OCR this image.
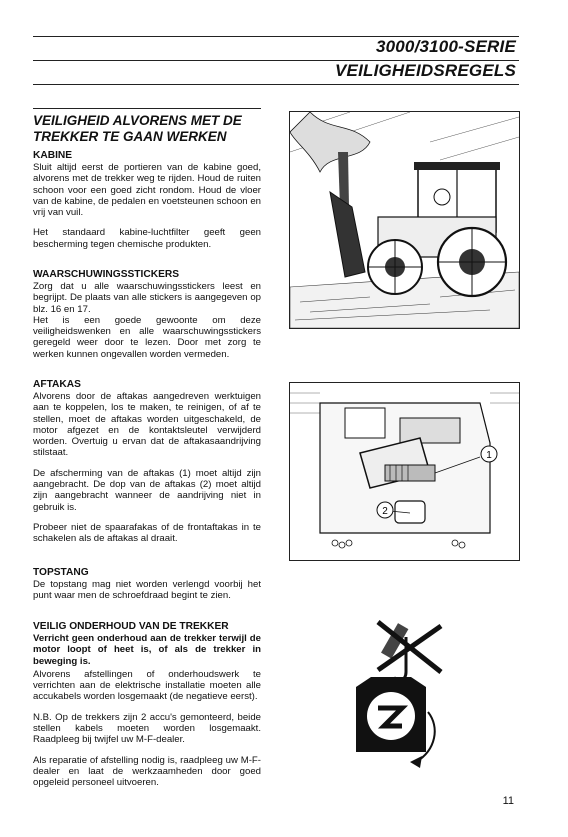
3000/3100-SERIE
VEILIGHEIDSREGELS
VEILIGHEID ALVORENS MET DE
TREKKER TE GAAN WERKEN

KABINE

Sluit altijd eerst de portieren van de kabine goed, alvorens met de trekker weg te rijden. Houd de ruiten schoon voor een goed zicht rondom. Houd de vloer van de kabine, de pedalen en voetsteunen schoon en vrij van vuil.

Het standaard kabine-luchtfilter geeft geen bescherming tegen chemische produkten.

WAARSCHUWINGSSTICKERS

Zorg dat u alle waarschuwingsstickers leest en begrijpt. De plaats van alle stickers is aangegeven op blz. 16 en 17.

Het is een goede gewoonte om deze veiligheidswenken en alle waarschuwingsstickers geregeld weer door te lezen. Door met zorg te werken kunnen ongevallen worden vermeden.

AFTAKAS

Alvorens door de aftakas aangedreven werktuigen aan te koppelen, los te maken, te reinigen, of af te stellen, moet de aftakas worden uitgeschakeld, de motor afgezet en de kontaktsleutel verwijderd worden. Overtuig u ervan dat de aftakasaandrijving stilstaat.

De afscherming van de aftakas (1) moet altijd zijn aangebracht. De dop van de aftakas (2) moet altijd zijn aangebracht wanneer de aandrijving niet in gebruik is.

Probeer niet de spaarafakas of de frontaftakas in te schakelen als de aftakas al draait.

TOPSTANG

De topstang mag niet worden verlengd voorbij het punt waar men de schroefdraad begint te zien.

VEILIG ONDERHOUD VAN DE TREKKER

Verricht geen onderhoud aan de trekker terwijl de motor loopt of heet is, of als de trekker in beweging is.

Alvorens afstellingen of onderhoudswerk te verrichten aan de elektrische installatie moeten alle accukabels worden losgemaakt (de negatieve eerst).

N.B. Op de trekkers zijn 2 accu's gemonteerd, beide stellen kabels moeten worden losgemaakt. Raadpleeg bij twijfel uw M-F-dealer.

Als reparatie of afstelling nodig is, raadpleeg uw M-F-dealer en laat de werkzaamheden door goed opgeleid personeel uitvoeren.

1
2
11
